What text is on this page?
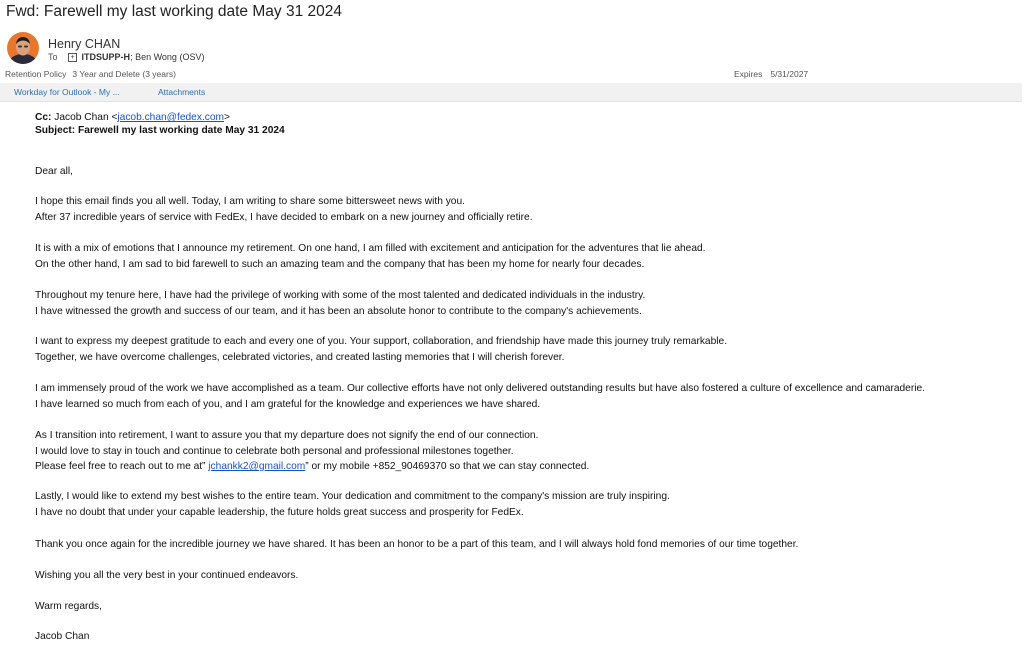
Fwd: Farewell my last working date May 31 2024
Henry CHAN
To + ITDSUPP-H; Ben Wong (OSV)
Retention Policy 3 Year and Delete (3 years)	Expires 5/31/2027
Workday for Outlook - My ...	Attachments
Cc: Jacob Chan <jacob.chan@fedex.com>
Subject: Farewell my last working date May 31 2024
Dear all,
I hope this email finds you all well. Today, I am writing to share some bittersweet news with you.
After 37 incredible years of service with FedEx, I have decided to embark on a new journey and officially retire.
It is with a mix of emotions that I announce my retirement. On one hand, I am filled with excitement and anticipation for the adventures that lie ahead.
On the other hand, I am sad to bid farewell to such an amazing team and the company that has been my home for nearly four decades.
Throughout my tenure here, I have had the privilege of working with some of the most talented and dedicated individuals in the industry.
I have witnessed the growth and success of our team, and it has been an absolute honor to contribute to the company's achievements.
I want to express my deepest gratitude to each and every one of you. Your support, collaboration, and friendship have made this journey truly remarkable.
Together, we have overcome challenges, celebrated victories, and created lasting memories that I will cherish forever.
I am immensely proud of the work we have accomplished as a team. Our collective efforts have not only delivered outstanding results but have also fostered a culture of excellence and camaraderie.
I have learned so much from each of you, and I am grateful for the knowledge and experiences we have shared.
As I transition into retirement, I want to assure you that my departure does not signify the end of our connection.
I would love to stay in touch and continue to celebrate both personal and professional milestones together.
Please feel free to reach out to me at” jchankk2@gmail.com” or my mobile +852_90469370 so that we can stay connected.
Lastly, I would like to extend my best wishes to the entire team. Your dedication and commitment to the company's mission are truly inspiring.
I have no doubt that under your capable leadership, the future holds great success and prosperity for FedEx.
Thank you once again for the incredible journey we have shared. It has been an honor to be a part of this team, and I will always hold fond memories of our time together.
Wishing you all the very best in your continued endeavors.
Warm regards,
Jacob Chan
